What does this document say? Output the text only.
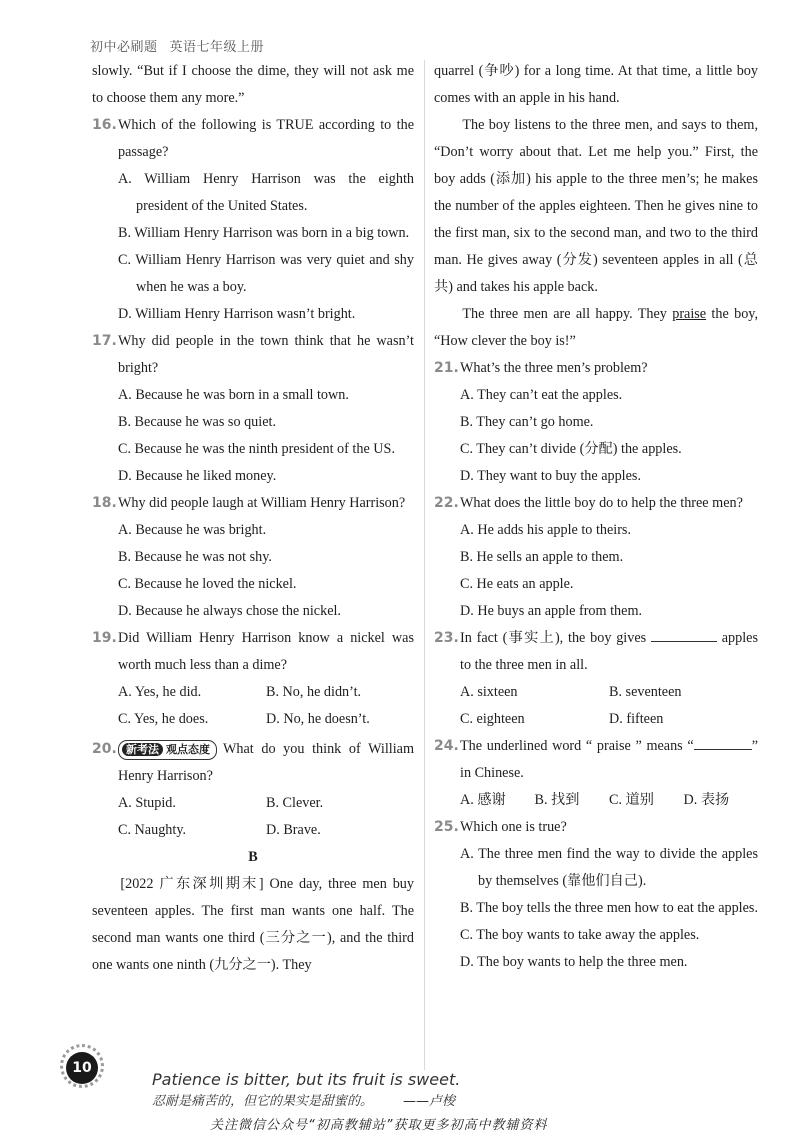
初中必刷题 英语七年级上册

slowly. “But if I choose the dime, they will not ask me to choose them any more.”

16. Which of the following is TRUE according to the passage?

A. William Henry Harrison was the eighth president of the United States.
B. William Henry Harrison was born in a big town.
C. William Henry Harrison was very quiet and shy when he was a boy.
D. William Henry Harrison wasn’t bright.

17. Why did people in the town think that he wasn’t bright?

A. Because he was born in a small town.
B. Because he was so quiet.
C. Because he was the ninth president of the US.
D. Because he liked money.

18. Why did people laugh at William Henry Harrison?

A. Because he was bright.
B. Because he was not shy.
C. Because he loved the nickel.
D. Because he always chose the nickel.

19. Did William Henry Harrison know a nickel was worth much less than a dime?

A. Yes, he did.	B. No, he didn’t.
C. Yes, he does.	D. No, he doesn’t.

20. 新考法 观点态度 What do you think of William Henry Harrison?

A. Stupid.	B. Clever.
C. Naughty.	D. Brave.
B

[2022 广东深圳期末] One day, three men buy seventeen apples. The first man wants one half. The second man wants one third (三分之一), and the third one wants one ninth (九分之一). They

quarrel (争吵) for a long time. At that time, a little boy comes with an apple in his hand.

The boy listens to the three men, and says to them, “Don’t worry about that. Let me help you.” First, the boy adds (添加) his apple to the three men’s; he makes the number of the apples eighteen. Then he gives nine to the first man, six to the second man, and two to the third man. He gives away (分发) seventeen apples in all (总共) and takes his apple back.

The three men are all happy. They praise the boy, “How clever the boy is!”

21. What’s the three men’s problem?

A. They can’t eat the apples.
B. They can’t go home.
C. They can’t divide (分配) the apples.
D. They want to buy the apples.

22. What does the little boy do to help the three men?

A. He adds his apple to theirs.
B. He sells an apple to them.
C. He eats an apple.
D. He buys an apple from them.

23. In fact (事实上), the boy gives	apples to the three men in all.

A. sixteen	B. seventeen
C. eighteen	D. fifteen

24. The underlined word “ praise ” means “	” in Chinese.

A. 感谢	B. 找到	C. 道别	D. 表扬

25. Which one is true?

A. The three men find the way to divide the apples by themselves (靠他们自己).
B. The boy tells the three men how to eat the apples.
C. The boy wants to take away the apples.
D. The boy wants to help the three men.
10
Patience is bitter, but its fruit is sweet.
忍耐是痛苦的，但它的果实是甜蜜的。 ——卢梭
关注微信公众号“初高教辅站”获取更多初高中教辅资料
